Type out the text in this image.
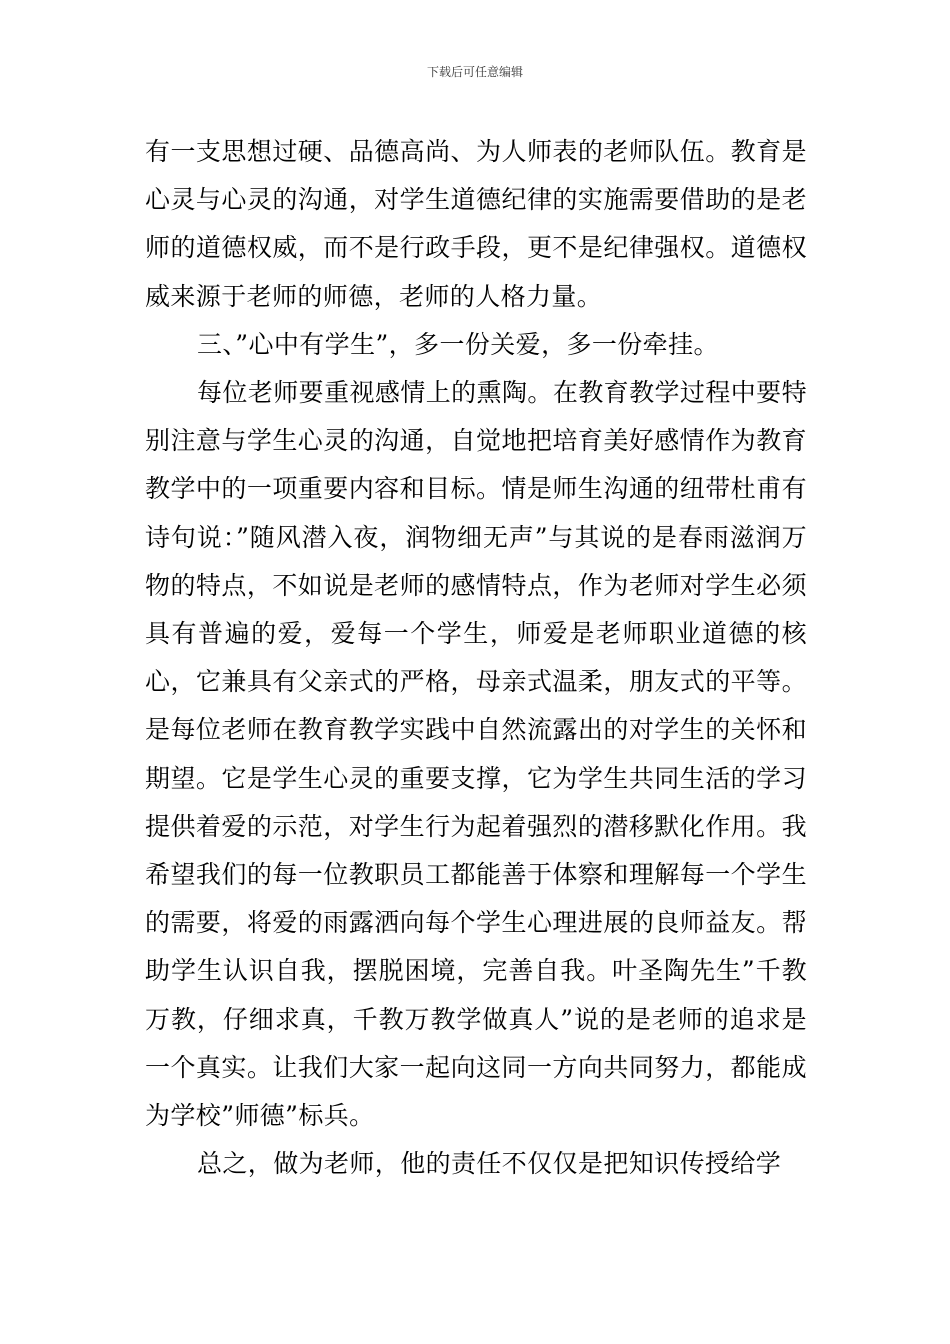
下载后可任意编辑

有一支思想过硬、品德高尚、为人师表的老师队伍。教育是心灵与心灵的沟通，对学生道德纪律的实施需要借助的是老师的道德权威，而不是行政手段，更不是纪律强权。道德权威来源于老师的师德，老师的人格力量。

三、”心中有学生”，多一份关爱，多一份牵挂。

每位老师要重视感情上的熏陶。在教育教学过程中要特别注意与学生心灵的沟通，自觉地把培育美好感情作为教育教学中的一项重要内容和目标。情是师生沟通的纽带杜甫有诗句说：”随风潜入夜，润物细无声”与其说的是春雨滋润万物的特点，不如说是老师的感情特点，作为老师对学生必须具有普遍的爱，爱每一个学生，师爱是老师职业道德的核心，它兼具有父亲式的严格，母亲式温柔，朋友式的平等。是每位老师在教育教学实践中自然流露出的对学生的关怀和期望。它是学生心灵的重要支撑，它为学生共同生活的学习提供着爱的示范，对学生行为起着强烈的潜移默化作用。我希望我们的每一位教职员工都能善于体察和理解每一个学生的需要，将爱的雨露洒向每个学生心理进展的良师益友。帮助学生认识自我，摆脱困境，完善自我。叶圣陶先生”千教万教，仔细求真，千教万教学做真人”说的是老师的追求是一个真实。让我们大家一起向这同一方向共同努力，都能成为学校”师德”标兵。

总之，做为老师，他的责任不仅仅是把知识传授给学
